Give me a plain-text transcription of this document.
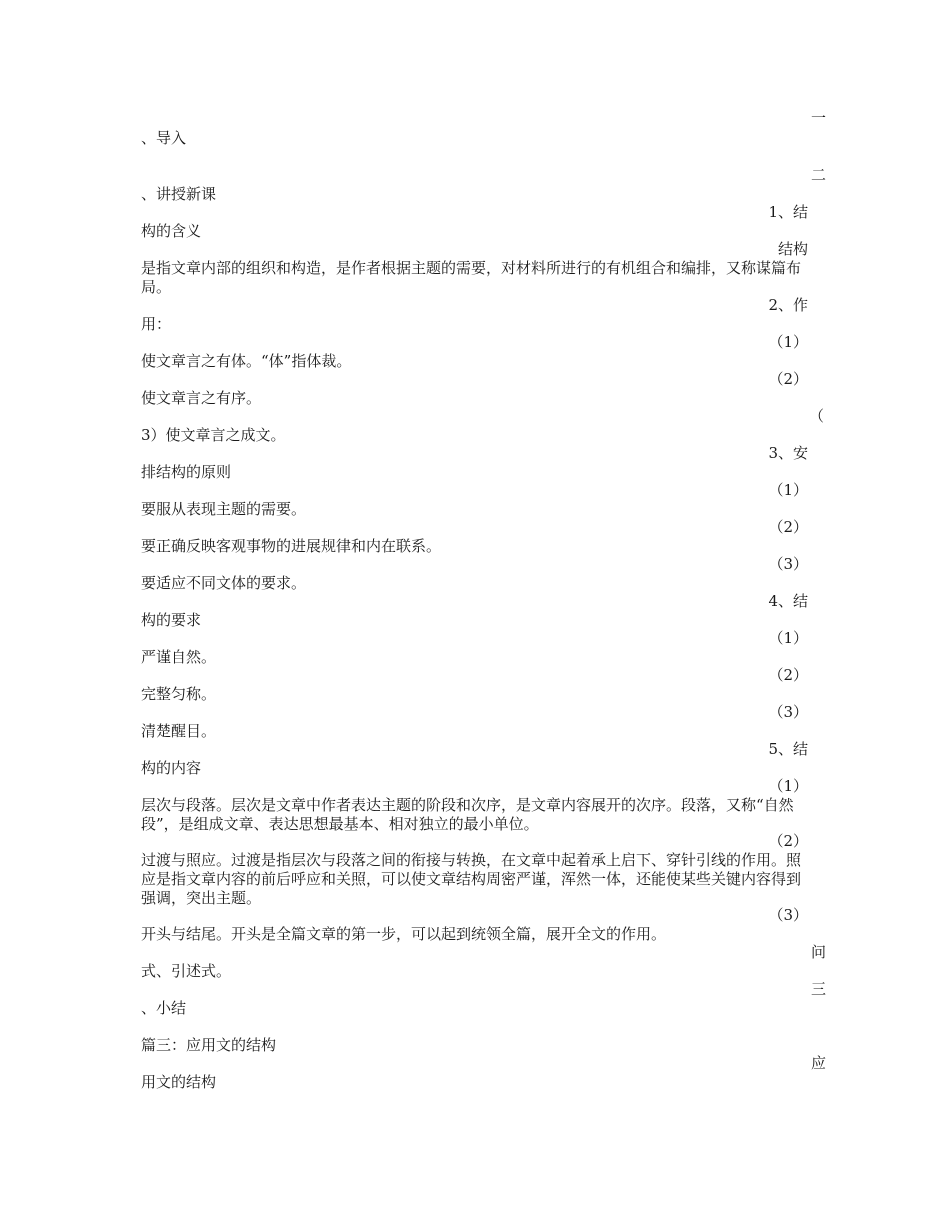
一
二
1、结
结构
2、作
（1）
（2）
（
3、安
（1）
（2）
（3）
4、结
（1）
（2）
（3）
5、结
（1）
（2）
（3）
问
三
应
、导入
、讲授新课
构的含义
是指文章内部的组织和构造，是作者根据主题的需要，对材料所进行的有机组合和编排，又称谋篇布局。
用：
使文章言之有体。“体”指体裁。
使文章言之有序。
3）使文章言之成文。
排结构的原则
要服从表现主题的需要。
要正确反映客观事物的进展规律和内在联系。
要适应不同文体的要求。
构的要求
严谨自然。
完整匀称。
清楚醒目。
构的内容
层次与段落。层次是文章中作者表达主题的阶段和次序，是文章内容展开的次序。段落，又称“自然段”，是组成文章、表达思想最基本、相对独立的最小单位。
过渡与照应。过渡是指层次与段落之间的衔接与转换，在文章中起着承上启下、穿针引线的作用。照应是指文章内容的前后呼应和关照，可以使文章结构周密严谨，浑然一体，还能使某些关键内容得到强调，突出主题。
开头与结尾。开头是全篇文章的第一步，可以起到统领全篇，展开全文的作用。
式、引述式。
、小结
篇三：应用文的结构
用文的结构
